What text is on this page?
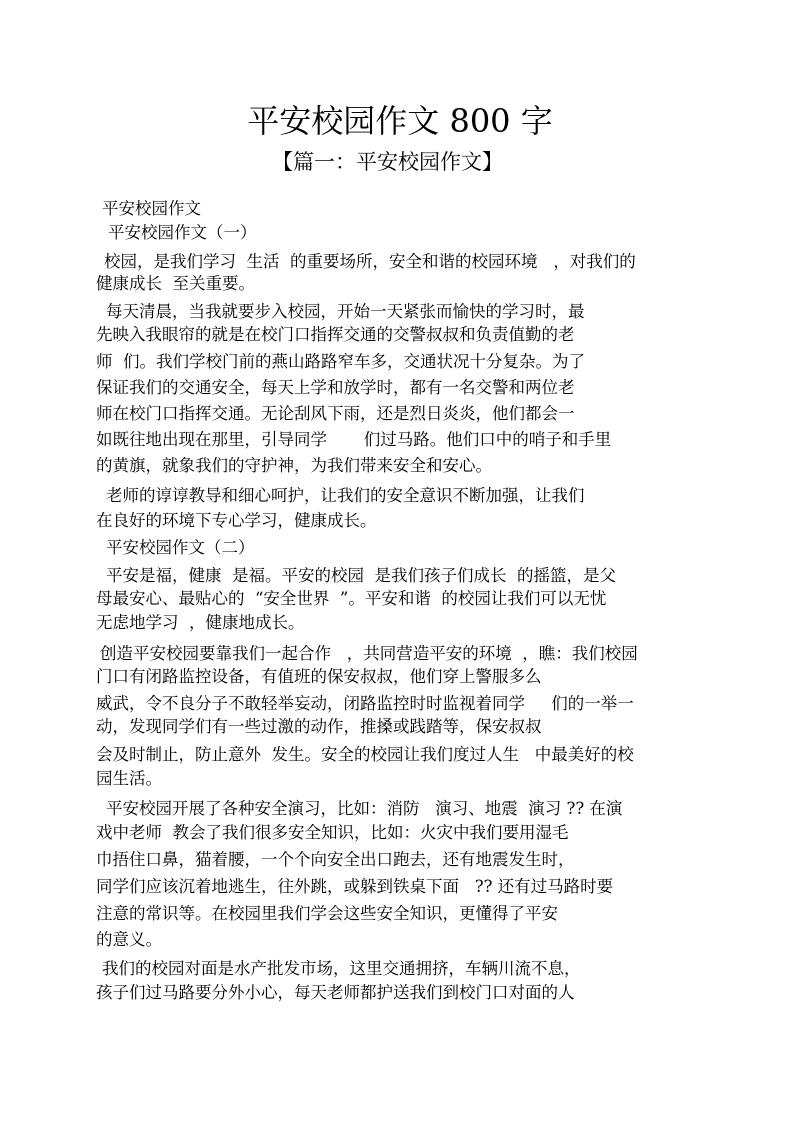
平安校园作文 800 字
【篇一：平安校园作文】
平安校园作文
平安校园作文（一）
校园，是我们学习  生活  的重要场所，安全和谐的校园环境   ，对我们的
健康成长  至关重要。
每天清晨，当我就要步入校园，开始一天紧张而愉快的学习时，最
先映入我眼帘的就是在校门口指挥交通的交警叔叔和负责值勤的老
师  们。我们学校门前的燕山路路窄车多，交通状况十分复杂。为了
保证我们的交通安全，每天上学和放学时，都有一名交警和两位老
师在校门口指挥交通。无论刮风下雨，还是烈日炎炎，他们都会一
如既往地出现在那里，引导同学       们过马路。他们口中的哨子和手里
的黄旗，就象我们的守护神，为我们带来安全和安心。
老师的谆谆教导和细心呵护，让我们的安全意识不断加强，让我们
在良好的环境下专心学习，健康成长。
平安校园作文（二）
平安是福，健康  是福。平安的校园  是我们孩子们成长  的摇篮，是父
母最安心、最贴心的  “安全世界  ”。平安和谐  的校园让我们可以无忧
无虑地学习  ，健康地成长。
创造平安校园要靠我们一起合作   ，共同营造平安的环境  ，瞧：我们校园
门口有闭路监控设备，有值班的保安叔叔，他们穿上警服多么
威武，令不良分子不敢轻举妄动，闭路监控时时监视着同学     们的一举一
动，发现同学们有一些过激的动作，推搡或践踏等，保安叔叔
会及时制止，防止意外  发生。安全的校园让我们度过人生   中最美好的校
园生活。
平安校园开展了各种安全演习，比如：消防   演习、地震  演习 ?? 在演
戏中老师  教会了我们很多安全知识，比如：火灾中我们要用湿毛
巾捂住口鼻，猫着腰，一个个向安全出口跑去，还有地震发生时，
同学们应该沉着地逃生，往外跳，或躲到铁桌下面   ?? 还有过马路时要
注意的常识等。在校园里我们学会这些安全知识，更懂得了平安
的意义。
我们的校园对面是水产批发市场，这里交通拥挤，车辆川流不息，
孩子们过马路要分外小心，每天老师都护送我们到校门口对面的人
